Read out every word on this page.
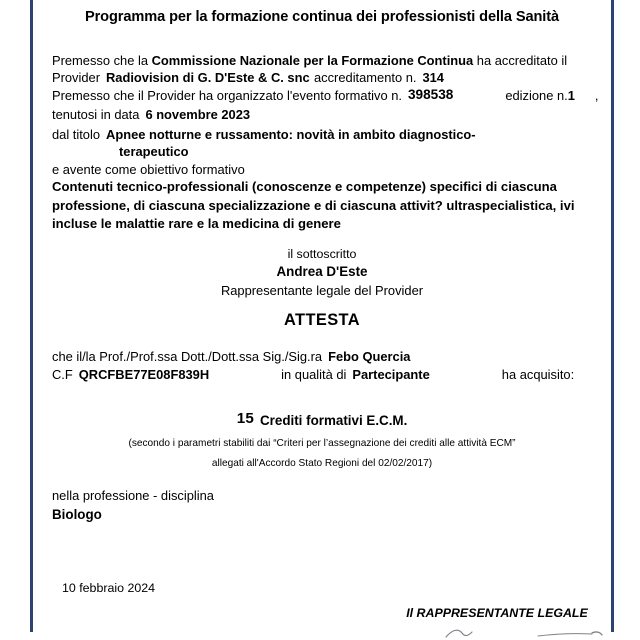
Programma per la formazione continua dei professionisti della Sanità
Premesso che la Commissione Nazionale per la Formazione Continua ha accreditato il
Provider Radiovision di G. D'Este & C. snc accreditamento n. 314
Premesso che il Provider ha organizzato l'evento formativo n. 398538	edizione n.1 ,
tenutosi in data 6 novembre 2023
dal titolo Apnee notturne e russamento: novità in ambito diagnostico-
terapeutico
e avente come obiettivo formativo
Contenuti tecnico-professionali (conoscenze e competenze) specifici di ciascuna professione, di ciascuna specializzazione e di ciascuna attivit? ultraspecialistica, ivi incluse le malattie rare e la medicina di genere
il sottoscritto
Andrea D'Este
Rappresentante legale del Provider
ATTESTA
che il/la Prof./Prof.ssa Dott./Dott.ssa Sig./Sig.ra Febo Quercia
C.F QRCFBE77E08F839H	in qualità di Partecipante	ha acquisito:
15 Crediti formativi E.C.M.
(secondo i parametri stabiliti dai “Criteri per l’assegnazione dei crediti alle attività ECM”
allegati all'Accordo Stato Regioni del 02/02/2017)
nella professione - disciplina
Biologo
10 febbraio 2024
Il RAPPRESENTANTE LEGALE
